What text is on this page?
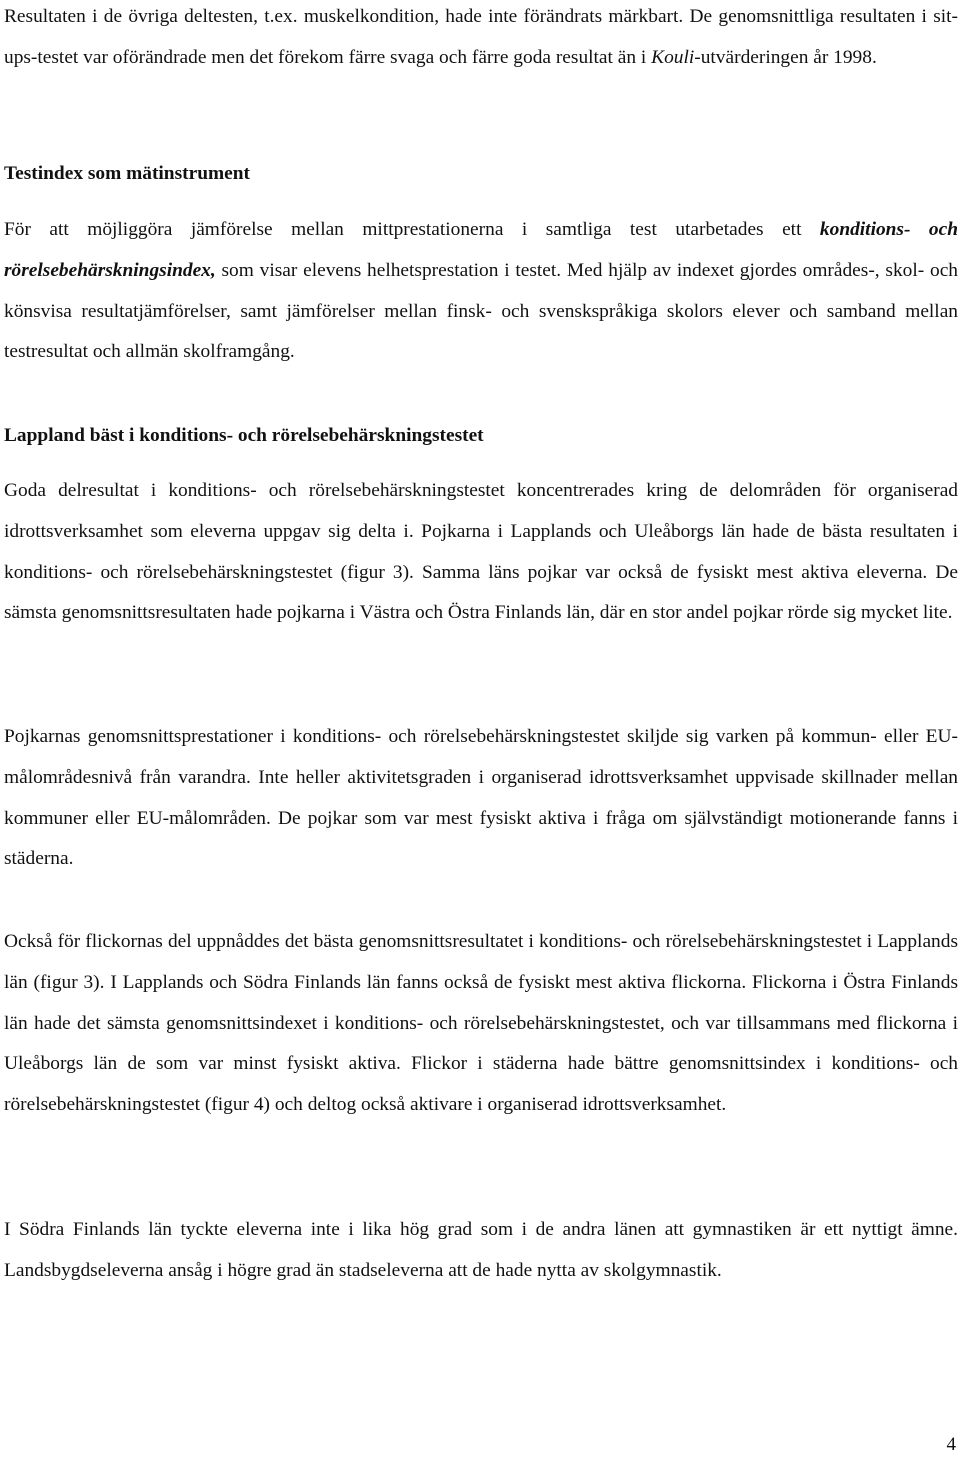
Resultaten i de övriga deltesten, t.ex. muskelkondition, hade inte förändrats märkbart. De genomsnittliga resultaten i sit-ups-testet var oförändrade men det förekom färre svaga och färre goda resultat än i Kouli-utvärderingen år 1998.

Testindex som mätinstrument

För att möjliggöra jämförelse mellan mittprestationerna i samtliga test utarbetades ett konditions- och rörelsebehärskningsindex, som visar elevens helhetsprestation i testet. Med hjälp av indexet gjordes områdes-, skol- och könsvisa resultatjämförelser, samt jämförelser mellan finsk- och svenskspråkiga skolors elever och samband mellan testresultat och allmän skolframgång.

Lappland bäst i konditions- och rörelsebehärskningstestet

Goda delresultat i konditions- och rörelsebehärskningstestet koncentrerades kring de delområden för organiserad idrottsverksamhet som eleverna uppgav sig delta i. Pojkarna i Lapplands och Uleåborgs län hade de bästa resultaten i konditions- och rörelsebehärskningstestet (figur 3). Samma läns pojkar var också de fysiskt mest aktiva eleverna. De sämsta genomsnittsresultaten hade pojkarna i Västra och Östra Finlands län, där en stor andel pojkar rörde sig mycket lite.

Pojkarnas genomsnittsprestationer i konditions- och rörelsebehärskningstestet skiljde sig varken på kommun- eller EU-målområdesnivå från varandra. Inte heller aktivitetsgraden i organiserad idrottsverksamhet uppvisade skillnader mellan kommuner eller EU-målområden. De pojkar som var mest fysiskt aktiva i fråga om självständigt motionerande fanns i städerna.

Också för flickornas del uppnåddes det bästa genomsnittsresultatet i konditions- och rörelsebehärskningstestet i Lapplands län (figur 3). I Lapplands och Södra Finlands län fanns också de fysiskt mest aktiva flickorna. Flickorna i Östra Finlands län hade det sämsta genomsnittsindexet i konditions- och rörelsebehärskningstestet, och var tillsammans med flickorna i Uleåborgs län de som var minst fysiskt aktiva. Flickor i städerna hade bättre genomsnittsindex i konditions- och rörelsebehärskningstestet (figur 4) och deltog också aktivare i organiserad idrottsverksamhet.

I Södra Finlands län tyckte eleverna inte i lika hög grad som i de andra länen att gymnastiken är ett nyttigt ämne. Landsbygdseleverna ansåg i högre grad än stadseleverna att de hade nytta av skolgymnastik.

4
